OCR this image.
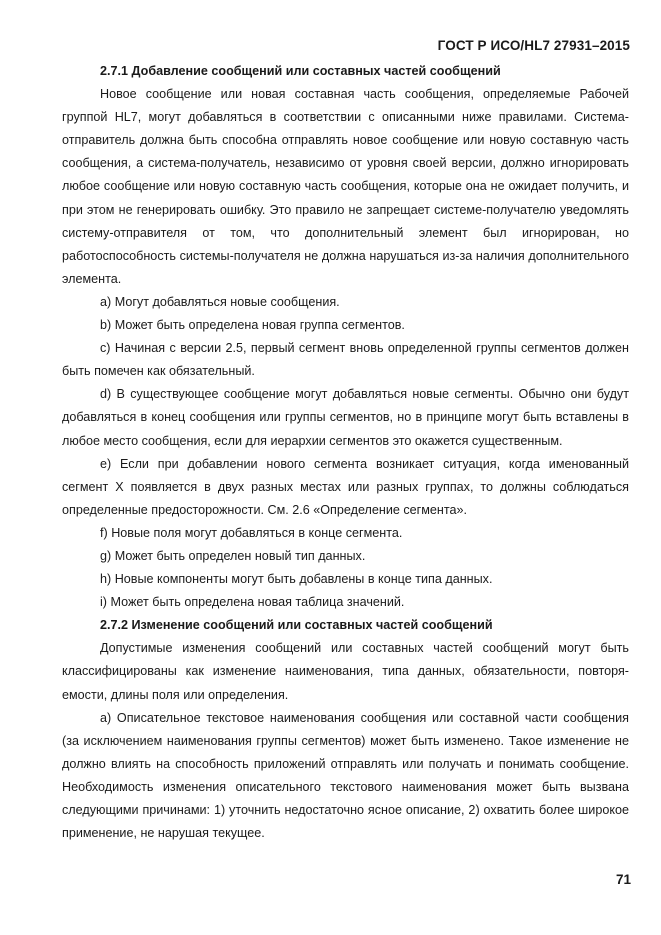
ГОСТ Р ИСО/HL7 27931–2015

2.7.1 Добавление сообщений или составных частей сообщений

Новое сообщение или новая составная часть сообщения, определяемые Рабочей группой HL7, могут добавляться в соответствии с описанными ниже правилами. Система-отправитель должна быть способна отправлять новое сообщение или новую составную часть сообщения, а система-получатель, независимо от уровня своей версии, должно игнорировать любое сообщение или новую составную часть сообщения, которые она не ожидает получить, и при этом не генерировать ошибку. Это правило не запрещает системе-получателю уведомлять систему-отправителя от том, что дополнительный элемент был игнорирован, но работоспособность системы-получателя не должна нарушаться из-за наличия дополнительного элемента.

a) Могут добавляться новые сообщения.

b) Может быть определена новая группа сегментов.

c) Начиная с версии 2.5, первый сегмент вновь определенной группы сегментов должен быть помечен как обязательный.

d) В существующее сообщение могут добавляться новые сегменты. Обычно они будут добавляться в конец сообщения или группы сегментов, но в принципе могут быть вставлены в любое место сообщения, если для иерархии сегментов это окажется существенным.

e) Если при добавлении нового сегмента возникает ситуация, когда именованный сегмент X появляется в двух разных местах или разных группах, то должны соблюдаться определенные предосторожности. См. 2.6 «Определение сегмента».

f) Новые поля могут добавляться в конце сегмента.

g) Может быть определен новый тип данных.

h) Новые компоненты могут быть добавлены в конце типа данных.

i) Может быть определена новая таблица значений.

2.7.2 Изменение сообщений или составных частей сообщений

Допустимые изменения сообщений или составных частей сообщений могут быть классифицированы как изменение наименования, типа данных, обязательности, повторяемости, длины поля или определения.

a) Описательное текстовое наименования сообщения или составной части сообщения (за исключением наименования группы сегментов) может быть изменено. Такое изменение не должно влиять на способность приложений отправлять или получать и понимать сообщение. Необходимость изменения описательного текстового наименования может быть вызвана следующими причинами: 1) уточнить недостаточно ясное описание, 2) охватить более широкое применение, не нарушая текущее.

71
